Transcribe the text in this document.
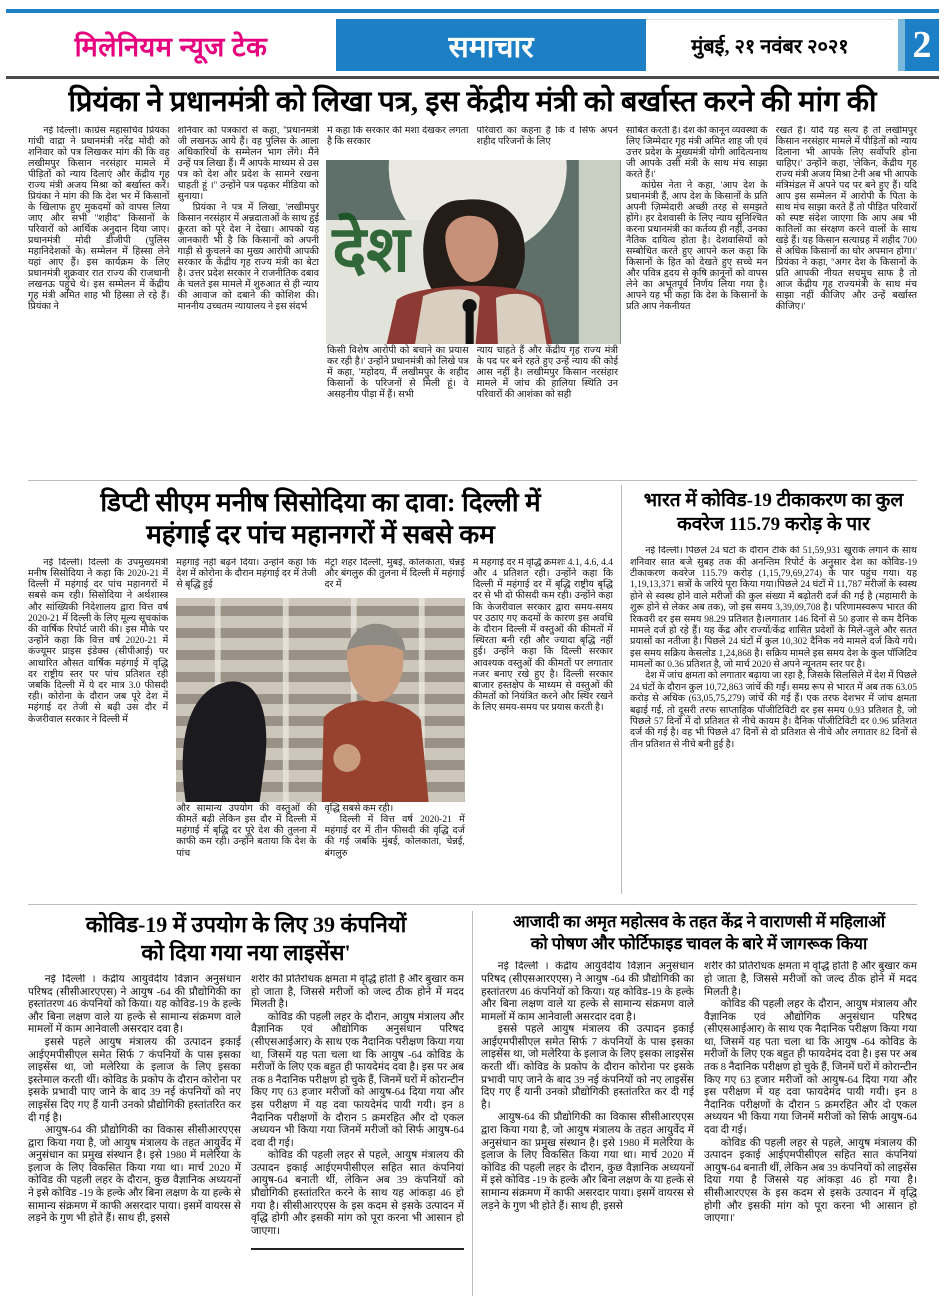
मिलेनियम न्यूज टेक	समाचार	मुंबई, २१ नवंबर २०२१ 2
प्रियंका ने प्रधानमंत्री को लिखा पत्र, इस केंद्रीय मंत्री को बर्खास्त करने की मांग की

नई दिल्ली। कांग्रेस महासचिव प्रियंका गांधी वाद्रा ने प्रधानमंत्री नरेंद्र मोदी को शनिवार को पत्र लिखकर मांग की कि वह लखीमपुर किसान नरसंहार मामले में पीड़ितों को न्याय दिलाएं और केंद्रीय गृह राज्य मंत्री अजय मिश्रा को बर्खास्त करें। प्रियंका ने मांग की कि देश भर में किसानों के खिलाफ हुए मुकदमों को वापस लिया जाए और सभी ''शहीद'' किसानों के परिवारों को आर्थिक अनुदान दिया जाए। प्रधानमंत्री मोदी डीजीपी (पुलिस महानिदेशकों के) सम्मेलन में हिस्सा लेने यहां आए हैं। इस कार्यक्रम के लिए प्रधानमंत्री शुक्रवार रात राज्य की राजधानी लखनऊ पहुंचे थे। इस सम्मेलन में केंद्रीय गृह मंत्री अमित शाह भी हिस्सा ले रहे हैं। प्रियंका ने

शनिवार को पत्रकारों से कहा, ''प्रधानमंत्री जी लखनऊ आये हैं। वह पुलिस के आला अधिकारियों के सम्मेलन भाग लेंगे। मैंने उन्हें पत्र लिखा हैं। मैं आपके माध्यम से उस पत्र को देश और प्रदेश के सामने रखना चाहती हूं ।'' उन्होंने पत्र पढ़कर मीडिया को सुनाया।

प्रियंका ने पत्र में लिखा, 'लखीमपुर किसान नरसंहार में अन्नदाताओं के साथ हुई क्रूरता को पूरे देश ने देखा। आपको यह जानकारी भी है कि किसानों को अपनी गाड़ी से कुचलने का मुख्य आरोपी आपकी सरकार के केंद्रीय गृह राज्य मंत्री का बेटा है। उत्तर प्रदेश सरकार ने राजनीतिक दबाव के चलते इस मामले में शुरुआत से ही न्याय की आवाज को दबाने की कोशिश की। माननीय उच्चतम न्यायालय ने इस संदर्भ

में कहा कि सरकार की मंशा देखकर लगता है कि सरकार

किसी विशेष आरोपी को बचाने का प्रयास कर रही है।' उन्होंने प्रधानमंत्री को लिखे पत्र में कहा, 'महोदय, मैं लखीमपुर के शहीद किसानों के परिजनों से मिली हूं। वे असहनीय पीड़ा में हैं। सभी

परिवारों का कहना है कि वे सिर्फ अपने शहीद परिजनों के लिए

न्याय चाहते हैं और केंद्रीय गृह राज्य मंत्री के पद पर बने रहते हुए उन्हें न्याय की कोई आस नहीं है। लखीमपुर किसान नरसंहार मामले में जांच की हालिया स्थिति उन परिवारों की आशंका को सही

साबित करती है। देश की कानून व्यवस्था के लिए जिम्मेदार गृह मंत्री अमित शाह जी एवं उत्तर प्रदेश के मुख्यमंत्री योगी आदित्यनाथ जी आपके उसी मंत्री के साथ मंच साझा करते हैं।'

कांग्रेस नेता ने कहा, 'आप देश के प्रधानमंत्री हैं, आप देश के किसानों के प्रति अपनी ज़िम्मेदारी अच्छी तरह से समझते होंगे। हर देशवासी के लिए न्याय सुनिश्चित करना प्रधानमंत्री का कर्तव्य ही नहीं, उनका नैतिक दायित्व होता है। देशवासियों को सम्बोधित करते हुए आपने कल कहा कि किसानों के हित को देखते हुए सच्चे मन और पवित्र हृदय से कृषि क़ानूनों को वापस लेने का अभूतपूर्व निर्णय लिया गया है। आपने यह भी कहा कि देश के किसानों के प्रति आप नेकनीयत

रखते हैं। यदि यह सत्य है तो लखीमपुर किसान नरसंहार मामले में पीड़ितों को न्याय दिलाना भी आपके लिए सर्वोपरि होना चाहिए।' उन्होंने कहा, 'लेकिन, केंद्रीय गृह राज्य मंत्री अजय मिश्रा टेनी अब भी आपके मंत्रिमंडल में अपने पद पर बने हुए हैं। यदि आप इस सम्मेलन में आरोपी के पिता के साथ मंच साझा करते हैं तो पीड़ित परिवारों को स्पष्ट संदेश जाएगा कि आप अब भी कातिलों का संरक्षण करने वालों के साथ खड़े हैं। यह किसान सत्याग्रह में शहीद 700 से अधिक किसानों का घोर अपमान होगा।' प्रियंका ने कहा, ''अगर देश के किसानों के प्रति आपकी नीयत सचमुच साफ है तो आज केंद्रीय गृह राज्यमंत्री के साथ मंच साझा नहीं कीजिए और उन्हें बर्खास्त कीजिए।'

देश
डिप्टी सीएम मनीष सिसोदिया का दावा: दिल्ली में
महंगाई दर पांच महानगरों में सबसे कम

नई दिल्ली। दिल्ली के उपमुख्यमंत्री मनीष सिसोदिया ने कहा कि 2020-21 में दिल्ली में महंगाई दर पांच महानगरों में सबसे कम रही। सिसोदिया ने अर्थशास्त्र और सांख्यिकी निदेशालय द्वारा वित्त वर्ष 2020-21 में दिल्ली के लिए मूल्य सूचकांक की वार्षिक रिपोर्ट जारी की। इस मौके पर उन्होंने कहा कि वित्त वर्ष 2020-21 में कंज्यूमर प्राइस इंडेक्स (सीपीआई) पर आधारित औसत वार्षिक महंगाई में वृद्धि दर राष्ट्रीय स्तर पर पांच प्रतिशत रही जबकि दिल्ली में ये दर मात्र 3.0 फीसदी रही। कोरोना के दौरान जब पूरे देश में महंगाई दर तेजी से बढ़ी उस दौर में केजरीवाल सरकार ने दिल्ली में

महंगाई नहीं बढ़ने दिया। उन्होंने कहा कि देश में कोरोना के दौरान महंगाई दर में तेजी से बृद्धि हुई

और सामान्य उपयोग की वस्तुओं की कीमतें बढ़ी लेकिन इस दौर में दिल्ली में महंगाई में बृद्धि दर पूरे देश की तुलना में काफी कम रही। उन्होंने बताया कि देश के पांच

मेट्रो शहर दिल्ली, मुंबई, कोलकाता, चेन्नई और बंगलुरु की तुलना में दिल्ली में महंगाई दर में

वृद्धि सबसे कम रही।

दिल्ली में वित्त वर्ष 2020-21 में महंगाई दर में तीन फीसदी की वृद्धि दर्ज की गई जबकि मुंबई, कोलकाता, चेन्नई, बंगलुरु

में महंगाई दर में वृद्धि क्रमशः 4.1, 4.6, 4.4 और 4 प्रतिशत रही। उन्होंने कहा कि दिल्ली में महंगाई दर में बृद्धि राष्ट्रीय बृद्धि दर से भी दो फीसदी कम रही। उन्होंने कहा कि केजरीवाल सरकार द्वारा समय-समय पर उठाए गए कदमों के कारण इस अवधि के दौरान दिल्ली में वस्तुओं की कीमतों में स्थिरता बनी रही और ज्यादा बृद्धि नहीं हुई। उन्होंने कहा कि दिल्ली सरकार आवश्यक वस्तुओं की कीमतों पर लगातार नजर बनाए रखे हुए है। दिल्ली सरकार बाजार हस्तक्षेप के माध्यम से वस्तुओं की कीमतों को नियंत्रित करने और स्थिर रखने के लिए समय-समय पर प्रयास करती है।

भारत में कोविड-19 टीकाकरण का कुल
कवरेज 115.79 करोड़ के पार

नई दिल्ली। पिछले 24 घंटों के दौरान टीके की 51,59,931 खुराकें लगाने के साथ शनिवार सात बजे सुबह तक की अनन्तिम रिपोर्ट के अनुसार देश का कोविड-19 टीकाकरण कवरेज 115.79 करोड़ (1,15,79,69,274) के पार पहुंच गया। यह 1,19,13,371 सत्रों के जरिये पूरा किया गया।पिछले 24 घंटों में 11,787 मरीजों के स्वस्थ होने से स्वस्थ होने वाले मरीजों की कुल संख्या में बढ़ोतरी दर्ज की गई है (महामारी के शुरू होने से लेकर अब तक), जो इस समय 3,39,09,708 है। परिणामस्वरूप भारत की रिकवरी दर इस समय 98.29 प्रतिशत है।लगातार 146 दिनों से 50 हजार से कम दैनिक मामले दर्ज हो रहे हैं। यह केंद्र और राज्यों/केंद्र शासित प्रदेशों के मिले-जुले और सतत प्रयासों का नतीजा है। पिछले 24 घंटों में कुल 10,302 दैनिक नये मामले दर्ज किये गये। इस समय सक्रिय केसलोड 1,24,868 है। सक्रिय मामले इस समय देश के कुल पॉजिटिव मामलों का 0.36 प्रतिशत है, जो मार्च 2020 से अपने न्यूनतम स्तर पर है।

देश में जांच क्षमता को लगातार बढ़ाया जा रहा है, जिसके सिलसिले में देश में पिछले 24 घंटों के दौरान कुल 10,72,863 जांचें की गईं। समग्र रूप से भारत में अब तक 63.05 करोड़ से अधिक (63,05,75,279) जांचें की गई हैं। एक तरफ देशभर में जांच क्षमता बढ़ाई गई, तो दूसरी तरफ साप्ताहिक पॉजीटिविटी दर इस समय 0.93 प्रतिशत है, जो पिछले 57 दिनों में दो प्रतिशत से नीचे कायम है। दैनिक पॉजीटिविटी दर 0.96 प्रतिशत दर्ज की गई है। वह भी पिछले 47 दिनों से दो प्रतिशत से नीचे और लगातार 82 दिनों से तीन प्रतिशत से नीचे बनी हुई है।

कोविड-19 में उपयोग के लिए 39 कंपनियों
को दिया गया नया लाइसेंस'

नई दिल्ली । केंद्रीय आयुर्वेदीय विज्ञान अनुसंधान परिषद (सीसीआरएएस) ने आयुष -64 की प्रौद्योगिकी का हस्तांतरण 46 कंपनियों को किया। यह कोविड-19 के हल्के और बिना लक्षण वाले या हल्के से सामान्य संक्रमण वाले मामलों में काम आनेवाली असरदार दवा है।

इससे पहले आयुष मंत्रालय की उत्पादन इकाई आईएमपीसीएल समेत सिर्फ 7 कंपनियों के पास इसका लाइसेंस था, जो मलेरिया के इलाज के लिए इसका इस्तेमाल करती थीं। कोविड के प्रकोप के दौरान कोरोना पर इसके प्रभावी पाए जाने के बाद 39 नई कंपनियों को नए लाइसेंस दिए गए हैं यानी उनको प्रौद्योगिकी हस्तांतरित कर दी गई है।

आयुष-64 की प्रौद्योगिकी का विकास सीसीआरएएस द्वारा किया गया है, जो आयुष मंत्रालय के तहत आयुर्वेद में अनुसंधान का प्रमुख संस्थान है। इसे 1980 में मलेरिया के इलाज के लिए विकसित किया गया था। मार्च 2020 में कोविड की पहली लहर के दौरान, कुछ वैज्ञानिक अध्ययनों ने इसे कोविड -19 के हल्के और बिना लक्षण के या हल्के से सामान्य संक्रमण में काफी असरदार पाया। इसमें वायरस से लड़ने के गुण भी होते हैं। साथ ही, इससे

शरीर की प्रतिरोधक क्षमता में वृद्धि होती है और बुखार कम हो जाता है, जिससे मरीजों को जल्द ठीक होने में मदद मिलती है।

कोविड की पहली लहर के दौरान, आयुष मंत्रालय और वैज्ञानिक एवं औद्योगिक अनुसंधान परिषद (सीएसआईआर) के साथ एक नैदानिक परीक्षण किया गया था, जिसमें यह पता चला था कि आयुष -64 कोविड के मरीजों के लिए एक बहुत ही फायदेमंद दवा है। इस पर अब तक 8 नैदानिक परीक्षण हो चुके हैं, जिनमें घरों में कोरान्टीन किए गए 63 हजार मरीजों को आयुष-64 दिया गया और इस परीक्षण में यह दवा फायदेमंद पायी गयी। इन 8 नैदानिक परीक्षणों के दौरान 5 क्रमरहित और दो एकल अध्ययन भी किया गया जिनमें मरीजों को सिर्फ आयुष-64 दवा दी गई।

कोविड की पहली लहर से पहले, आयुष मंत्रालय की उत्पादन इकाई आईएमपीसीएल सहित सात कंपनियां आयुष-64 बनाती थीं, लेकिन अब 39 कंपनियों को प्रौद्योगिकी हस्तांतरित करने के साथ यह आंकड़ा 46 हो गया है। सीसीआरएएस के इस कदम से इसके उत्पादन में वृद्धि होगी और इसकी मांग को पूरा करना भी आसान हो जाएगा।

आजादी का अमृत महोत्सव के तहत केंद्र ने वाराणसी में महिलाओं
को पोषण और फोर्टिफाइड चावल के बारे में जागरूक किया

नई दिल्ली । केंद्रीय आयुर्वेदीय विज्ञान अनुसंधान परिषद (सीएसआरएएस) ने आयुष -64 की प्रौद्योगिकी का हस्तांतरण 46 कंपनियों को किया। यह कोविड-19 के हल्के और बिना लक्षण वाले या हल्के से सामान्य संक्रमण वाले मामलों में काम आनेवाली असरदार दवा है।

इससे पहले आयुष मंत्रालय की उत्पादन इकाई आईएमपीसीएल समेत सिर्फ 7 कंपनियों के पास इसका लाइसेंस था, जो मलेरिया के इलाज के लिए इसका लाइसेंस करती थीं। कोविड के प्रकोप के दौरान कोरोना पर इसके प्रभावी पाए जाने के बाद 39 नई कंपनियों को नए लाइसेंस दिए गए हैं यानी उनको प्रौद्योगिकी हस्तांतरित कर दी गई है।

आयुष-64 की प्रौद्योगिकी का विकास सीसीआरएएस द्वारा किया गया है, जो आयुष मंत्रालय के तहत आयुर्वेद में अनुसंधान का प्रमुख संस्थान है। इसे 1980 में मलेरिया के इलाज के लिए विकसित किया गया था। मार्च 2020 में कोविड की पहली लहर के दौरान, कुछ वैज्ञानिक अध्ययनों में इसे कोविड -19 के हल्के और बिना लक्षण के या हल्के से सामान्य संक्रमण में काफी असरदार पाया। इसमें वायरस से लड़ने के गुण भी होते हैं। साथ ही, इससे

शरीर की प्रतिरोधक क्षमता में वृद्धि होती है और बुखार कम हो जाता है, जिससे मरीजों को जल्द ठीक होने में मदद मिलती है।

कोविड की पहली लहर के दौरान, आयुष मंत्रालय और वैज्ञानिक एवं औद्योगिक अनुसंधान परिषद (सीएसआईआर) के साथ एक नैदानिक परीक्षण किया गया था, जिसमें यह पता चला था कि आयुष -64 कोविड के मरीजों के लिए एक बहुत ही फायदेमंद दवा है। इस पर अब तक 8 नैदानिक परीक्षण हो चुके हैं, जिनमें घरों में कोरान्टीन किए गए 63 हजार मरीजों को आयुष-64 दिया गया और इस परीक्षण में यह दवा फायदेमंद पायी गयी। इन 8 नैदानिक परीक्षणों के दौरान 5 क्रमरहित और दो एकल अध्ययन भी किया गया जिनमें मरीजों को सिर्फ आयुष-64 दवा दी गई।

कोविड की पहली लहर से पहले, आयुष मंत्रालय की उत्पादन इकाई आईएमपीसीएल सहित सात कंपनियां आयुष-64 बनाती थीं, लेकिन अब 39 कंपनियों को लाइसेंस दिया गया है जिससे यह आंकड़ा 46 हो गया है। सीसीआरएएस के इस कदम से इसके उत्पादन में वृद्धि होगी और इसकी मांग को पूरा करना भी आसान हो जाएगा।'
